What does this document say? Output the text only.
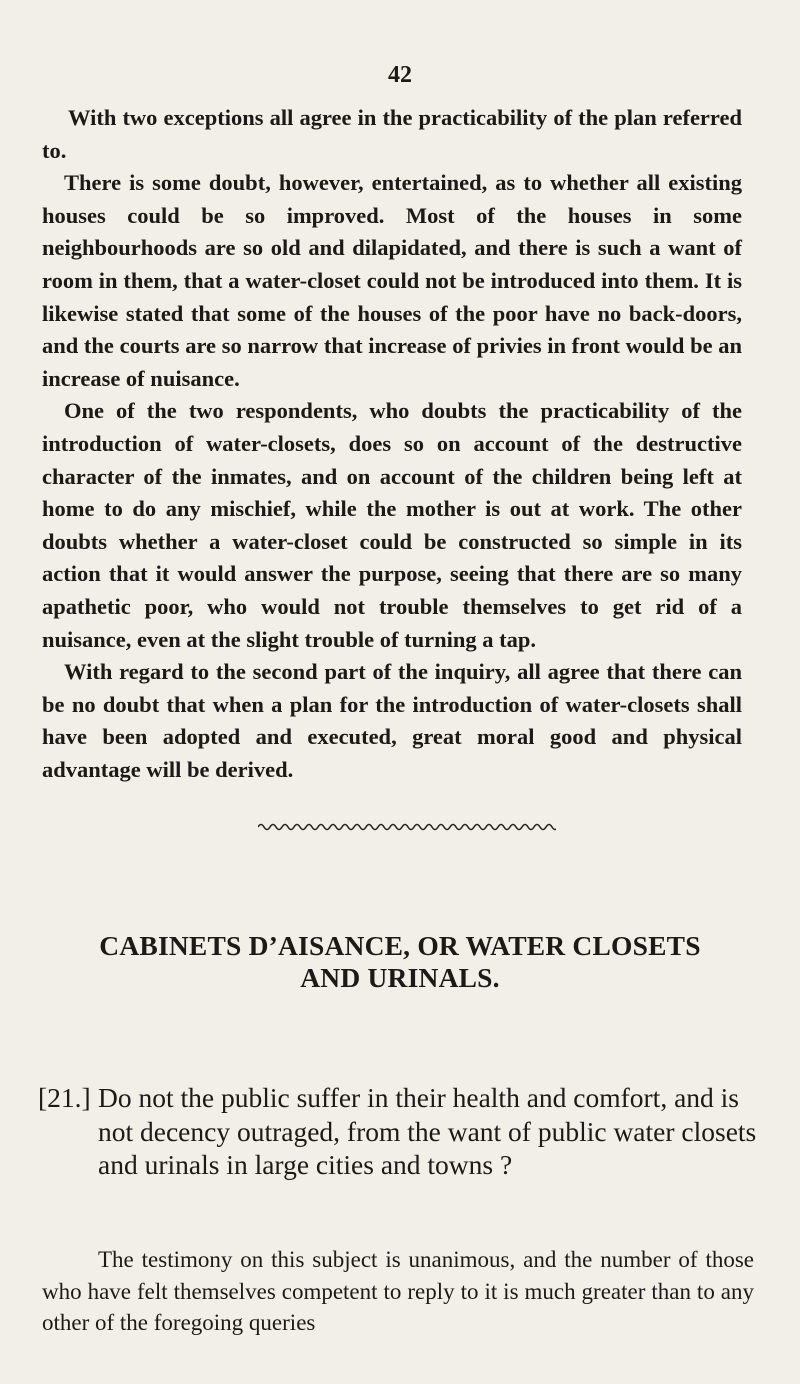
42

With two exceptions all agree in the practicability of the plan referred to.

There is some doubt, however, entertained, as to whether all existing houses could be so improved. Most of the houses in some neighbourhoods are so old and dilapidated, and there is such a want of room in them, that a water-closet could not be introduced into them. It is likewise stated that some of the houses of the poor have no back-doors, and the courts are so narrow that increase of privies in front would be an increase of nuisance.

One of the two respondents, who doubts the practicability of the introduction of water-closets, does so on account of the destructive character of the inmates, and on account of the children being left at home to do any mischief, while the mother is out at work. The other doubts whether a water-closet could be constructed so simple in its action that it would answer the purpose, seeing that there are so many apathetic poor, who would not trouble themselves to get rid of a nuisance, even at the slight trouble of turning a tap.

With regard to the second part of the inquiry, all agree that there can be no doubt that when a plan for the introduction of water-closets shall have been adopted and executed, great moral good and physical advantage will be derived.

CABINETS D’AISANCE, OR WATER CLOSETS
AND URINALS.
[21.] Do not the public suffer in their health and comfort, and is not decency outraged, from the want of public water closets and urinals in large cities and towns ?

The testimony on this subject is unanimous, and the number of those who have felt themselves competent to reply to it is much greater than to any other of the foregoing queries
